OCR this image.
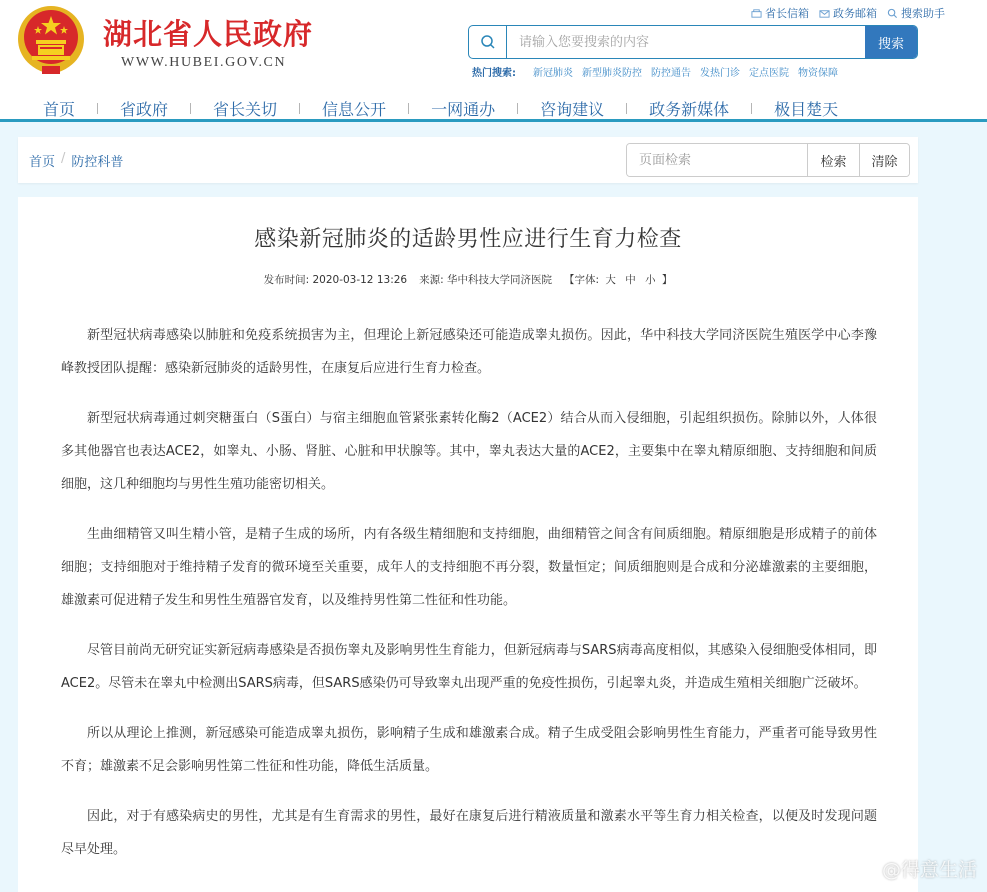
湖北省人民政府
WWW.HUBEI.GOV.CN
省长信箱 政务邮箱 搜索助手
请输入您要搜索的内容
搜索
热门搜索: 新冠肺炎 新型肺炎防控 防控通告 发热门诊 定点医院 物资保障
首页	省政府	省长关切	信息公开	一网通办	咨询建议	政务新媒体	极目楚天
首页 / 防控科普
页面检索	检索	清除
感染新冠肺炎的适龄男性应进行生育力检查
发布时间: 2020-03-12 13:26 来源: 华中科技大学同济医院 【字体: 大 中 小 】

新型冠状病毒感染以肺脏和免疫系统损害为主，但理论上新冠感染还可能造成睾丸损伤。因此，华中科技大学同济医院生殖医学中心李豫峰教授团队提醒：感染新冠肺炎的适龄男性，在康复后应进行生育力检查。

新型冠状病毒通过刺突糖蛋白（S蛋白）与宿主细胞血管紧张素转化酶2（ACE2）结合从而入侵细胞，引起组织损伤。除肺以外，人体很多其他器官也表达ACE2，如睾丸、小肠、肾脏、心脏和甲状腺等。其中，睾丸表达大量的ACE2，主要集中在睾丸精原细胞、支持细胞和间质细胞，这几种细胞均与男性生殖功能密切相关。

生曲细精管又叫生精小管，是精子生成的场所，内有各级生精细胞和支持细胞，曲细精管之间含有间质细胞。精原细胞是形成精子的前体细胞；支持细胞对于维持精子发育的微环境至关重要，成年人的支持细胞不再分裂，数量恒定；间质细胞则是合成和分泌雄激素的主要细胞，雄激素可促进精子发生和男性生殖器官发育，以及维持男性第二性征和性功能。

尽管目前尚无研究证实新冠病毒感染是否损伤睾丸及影响男性生育能力，但新冠病毒与SARS病毒高度相似，其感染入侵细胞受体相同，即ACE2。尽管未在睾丸中检测出SARS病毒，但SARS感染仍可导致睾丸出现严重的免疫性损伤，引起睾丸炎，并造成生殖相关细胞广泛破坏。

所以从理论上推测，新冠感染可能造成睾丸损伤，影响精子生成和雄激素合成。精子生成受阻会影响男性生育能力，严重者可能导致男性不育；雄激素不足会影响男性第二性征和性功能，降低生活质量。

因此，对于有感染病史的男性，尤其是有生育需求的男性，最好在康复后进行精液质量和激素水平等生育力相关检查，以便及时发现问题尽早处理。

@得意生活
